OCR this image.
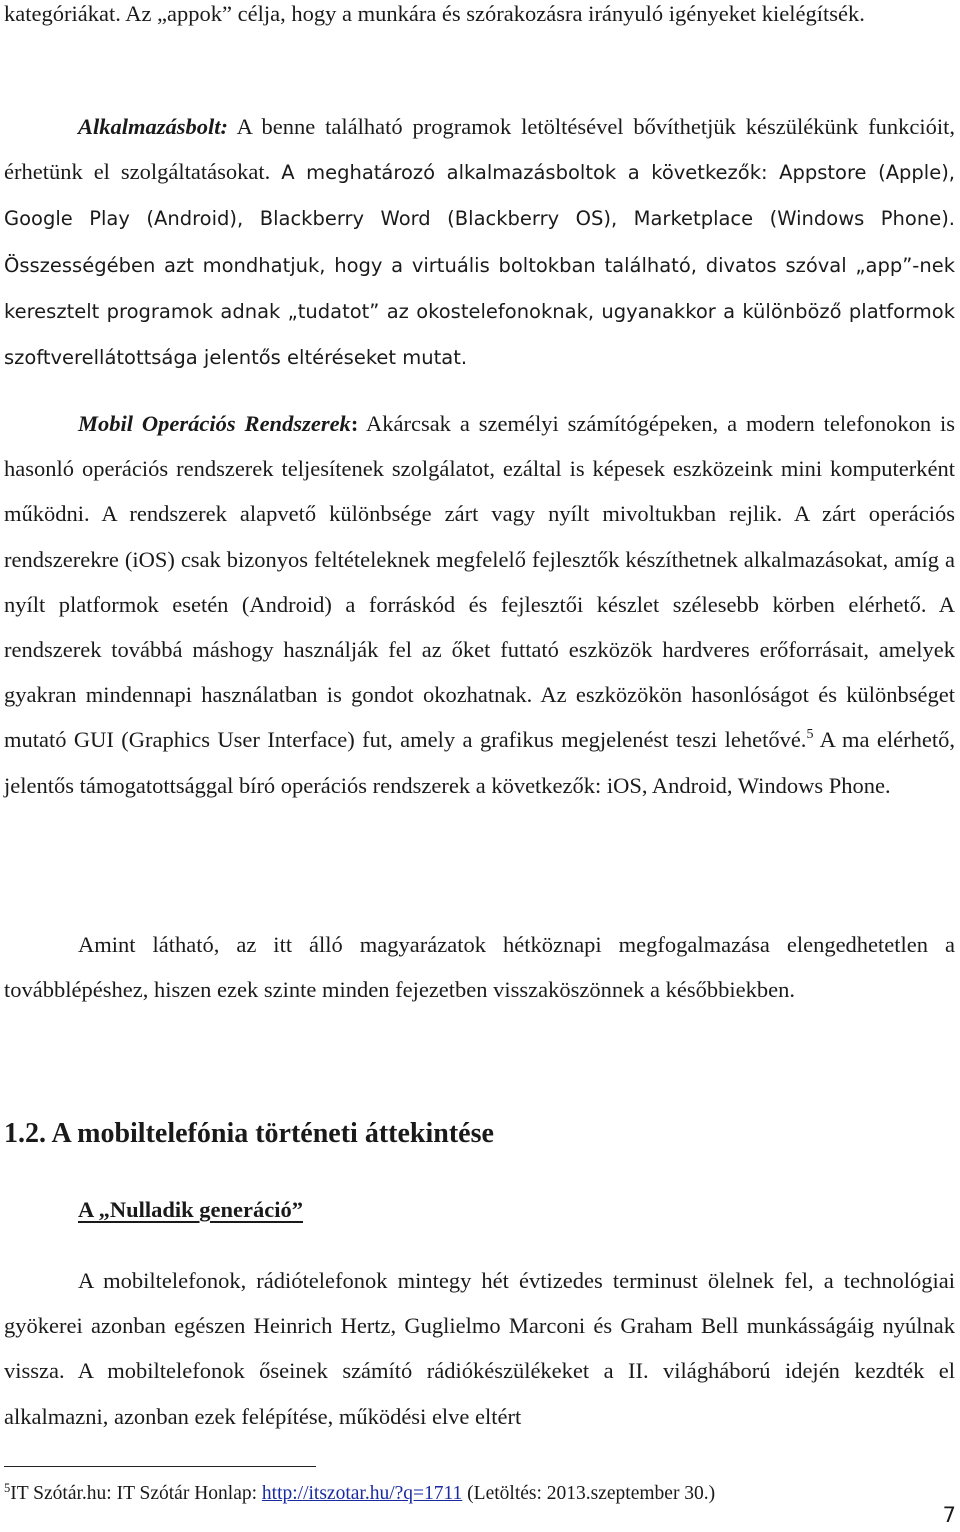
kategóriákat. Az „appok” célja, hogy a munkára és szórakozásra irányuló igényeket kielégítsék.

Alkalmazásbolt: A benne található programok letöltésével bővíthetjük készülékünk funkcióit, érhetünk el szolgáltatásokat. A meghatározó alkalmazásboltok a következők: Appstore (Apple), Google Play (Android), Blackberry Word (Blackberry OS), Marketplace (Windows Phone). Összességében azt mondhatjuk, hogy a virtuális boltokban található, divatos szóval „app”-nek keresztelt programok adnak „tudatot” az okostelefonoknak, ugyanakkor a különböző platformok szoftverellátottsága jelentős eltéréseket mutat.

Mobil Operációs Rendszerek: Akárcsak a személyi számítógépeken, a modern telefonokon is hasonló operációs rendszerek teljesítenek szolgálatot, ezáltal is képesek eszközeink mini komputerként működni. A rendszerek alapvető különbsége zárt vagy nyílt mivoltukban rejlik. A zárt operációs rendszerekre (iOS) csak bizonyos feltételeknek megfelelő fejlesztők készíthetnek alkalmazásokat, amíg a nyílt platformok esetén (Android) a forráskód és fejlesztői készlet szélesebb körben elérhető. A rendszerek továbbá máshogy használják fel az őket futtató eszközök hardveres erőforrásait, amelyek gyakran mindennapi használatban is gondot okozhatnak. Az eszközökön hasonlóságot és különbséget mutató GUI (Graphics User Interface) fut, amely a grafikus megjelenést teszi lehetővé.$^5$ A ma elérhető, jelentős támogatottsággal bíró operációs rendszerek a következők: iOS, Android, Windows Phone.

Amint látható, az itt álló magyarázatok hétköznapi megfogalmazása elengedhetetlen a továbblépéshez, hiszen ezek szinte minden fejezetben visszaköszönnek a későbbiekben.

1.2. A mobiltelefónia történeti áttekintése
A „Nulladik generáció”

A mobiltelefonok, rádiótelefonok mintegy hét évtizedes terminust ölelnek fel, a technológiai gyökerei azonban egészen Heinrich Hertz, Guglielmo Marconi és Graham Bell munkásságáig nyúlnak vissza. A mobiltelefonok őseinek számító rádiókészülékeket a II. világháború idején kezdték el alkalmazni, azonban ezek felépítése, működési elve eltért

$^5$IT Szótár.hu: IT Szótár Honlap: http://itszotar.hu/?q=1711 (Letöltés: 2013.szeptember 30.)

7
